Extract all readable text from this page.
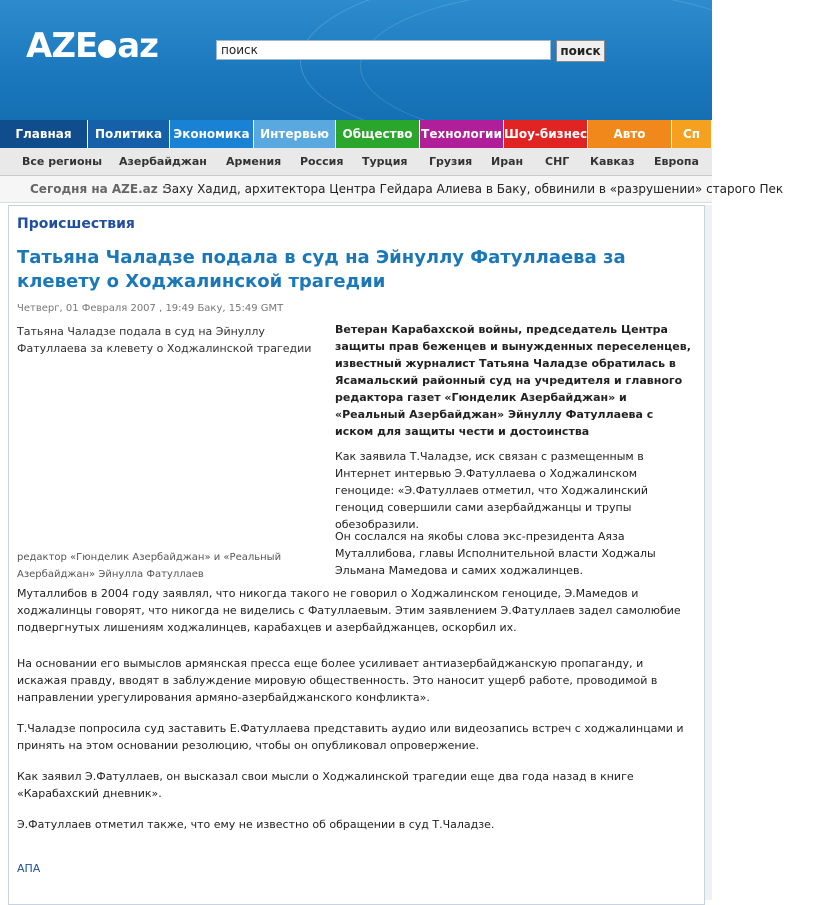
AZE az	поиск	поиск
Главная	Политика Экономика Интервью	Общество Технологии Шоу-бизнес	Авто	Сп
Все регионы Азербайджан Армения Россия Турция Грузия Иран СНГ Кавказ Европа
Сегодня на AZE.az :
Заху Хадид, архитектора Центра Гейдара Алиева в Баку, обвинили в «разрушении» старого Пек
Происшествия
Татьяна Чаладзе подала в суд на Эйнуллу Фатуллаева за клевету о Ходжалинской трагедии
Четверг, 01 Февраля 2007 , 19:49 Баку, 15:49 GMT
Татьяна Чаладзе подала в суд на Эйнуллу Фатуллаева за клевету о Ходжалинской трагедии
редактор «Гюнделик Азербайджан» и «Реальный Азербайджан» Эйнулла Фатуллаев
Ветеран Карабахской войны, председатель Центра защиты прав беженцев и вынужденных переселенцев, известный журналист Татьяна Чаладзе обратилась в Ясамальский районный суд на учредителя и главного редактора газет «Гюнделик Азербайджан» и «Реальный Азербайджан» Эйнуллу Фатуллаева с иском для защиты чести и достоинства
Как заявила Т.Чаладзе, иск связан с размещенным в Интернет интервью Э.Фатуллаева о Ходжалинском геноциде: «Э.Фатуллаев отметил, что Ходжалинский геноцид совершили сами азербайджанцы и трупы обезобразили.
Он сослался на якобы слова экс-президента Аяза Муталлибова, главы Исполнительной власти Ходжалы Эльмана Мамедова и самих ходжалинцев.
Муталлибов в 2004 году заявлял, что никогда такого не говорил о Ходжалинском геноциде, Э.Мамедов и ходжалинцы говорят, что никогда не виделись с Фатуллаевым. Этим заявлением Э.Фатуллаев задел самолюбие подвергнутых лишениям ходжалинцев, карабахцев и азербайджанцев, оскорбил их.
На основании его вымыслов армянская пресса еще более усиливает антиазербайджанскую пропаганду, и искажая правду, вводят в заблуждение мировую общественность. Это наносит ущерб работе, проводимой в направлении урегулирования армяно-азербайджанского конфликта».
Т.Чаладзе попросила суд заставить Е.Фатуллаева представить аудио или видеозапись встреч с ходжалинцами и принять на этом основании резолюцию, чтобы он опубликовал опровержение.
Как заявил Э.Фатуллаев, он высказал свои мысли о Ходжалинской трагедии еще два года назад в книге «Карабахский дневник».
Э.Фатуллаев отметил также, что ему не известно об обращении в суд Т.Чаладзе.
АПА
